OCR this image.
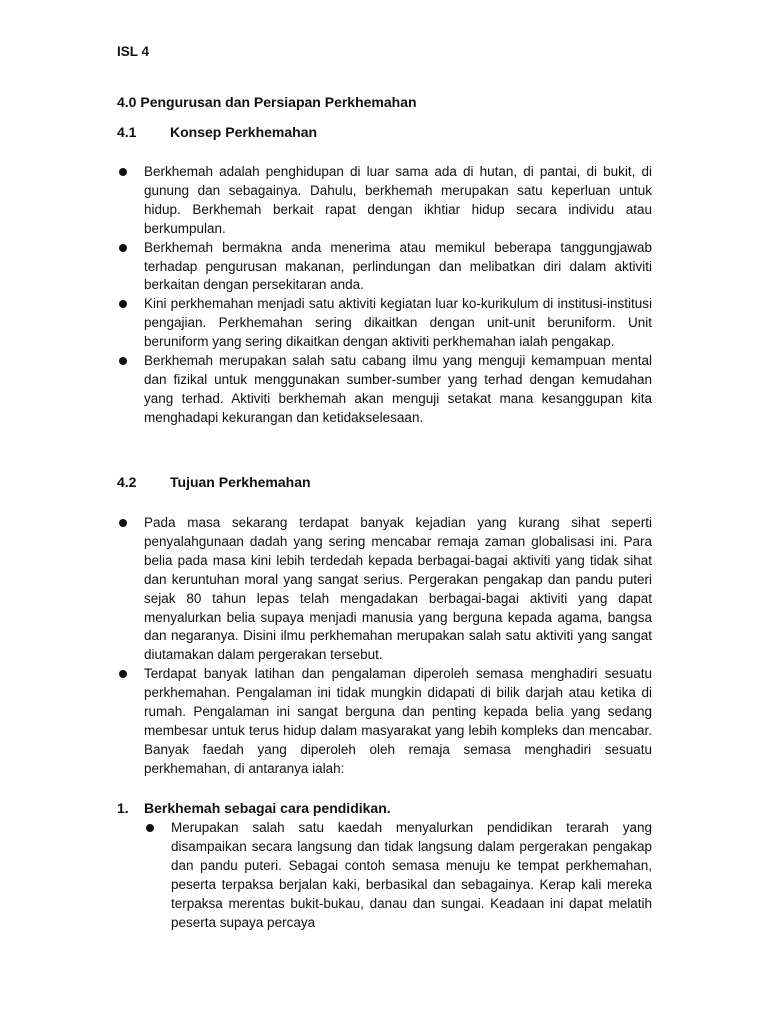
ISL 4
4.0 Pengurusan dan Persiapan Perkhemahan
4.1 Konsep Perkhemahan
Berkhemah adalah penghidupan di luar sama ada di hutan, di pantai, di bukit, di gunung dan sebagainya. Dahulu, berkhemah merupakan satu keperluan untuk hidup. Berkhemah berkait rapat dengan ikhtiar hidup secara individu atau berkumpulan.
Berkhemah bermakna anda menerima atau memikul beberapa tanggungjawab terhadap pengurusan makanan, perlindungan dan melibatkan diri dalam aktiviti berkaitan dengan persekitaran anda.
Kini perkhemahan menjadi satu aktiviti kegiatan luar ko-kurikulum di institusi-institusi pengajian. Perkhemahan sering dikaitkan dengan unit-unit beruniform. Unit beruniform yang sering dikaitkan dengan aktiviti perkhemahan ialah pengakap.
Berkhemah merupakan salah satu cabang ilmu yang menguji kemampuan mental dan fizikal untuk menggunakan sumber-sumber yang terhad dengan kemudahan yang terhad. Aktiviti berkhemah akan menguji setakat mana kesanggupan kita menghadapi kekurangan dan ketidakselesaan.
4.2 Tujuan Perkhemahan
Pada masa sekarang terdapat banyak kejadian yang kurang sihat seperti penyalahgunaan dadah yang sering mencabar remaja zaman globalisasi ini. Para belia pada masa kini lebih terdedah kepada berbagai-bagai aktiviti yang tidak sihat dan keruntuhan moral yang sangat serius. Pergerakan pengakap dan pandu puteri sejak 80 tahun lepas telah mengadakan berbagai-bagai aktiviti yang dapat menyalurkan belia supaya menjadi manusia yang berguna kepada agama, bangsa dan negaranya. Disini ilmu perkhemahan merupakan salah satu aktiviti yang sangat diutamakan dalam pergerakan tersebut.
Terdapat banyak latihan dan pengalaman diperoleh semasa menghadiri sesuatu perkhemahan. Pengalaman ini tidak mungkin didapati di bilik darjah atau ketika di rumah. Pengalaman ini sangat berguna dan penting kepada belia yang sedang membesar untuk terus hidup dalam masyarakat yang lebih kompleks dan mencabar. Banyak faedah yang diperoleh oleh remaja semasa menghadiri sesuatu perkhemahan, di antaranya ialah:
1. Berkhemah sebagai cara pendidikan.
Merupakan salah satu kaedah menyalurkan pendidikan terarah yang disampaikan secara langsung dan tidak langsung dalam pergerakan pengakap dan pandu puteri. Sebagai contoh semasa menuju ke tempat perkhemahan, peserta terpaksa berjalan kaki, berbasikal dan sebagainya. Kerap kali mereka terpaksa merentas bukit-bukau, danau dan sungai. Keadaan ini dapat melatih peserta supaya percaya
